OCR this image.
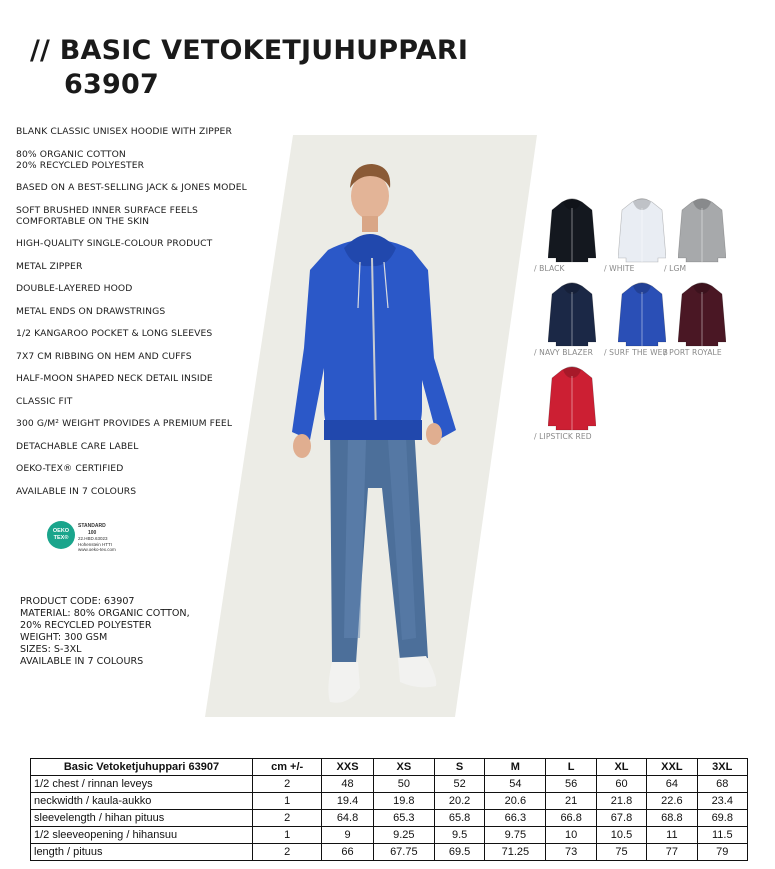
// BASIC VETOKETJUHUPPARI
63907
BLANK CLASSIC UNISEX HOODIE WITH ZIPPER
80% ORGANIC COTTON
20% RECYCLED POLYESTER
BASED ON A BEST-SELLING JACK & JONES MODEL
SOFT BRUSHED INNER SURFACE FEELS
COMFORTABLE ON THE SKIN
HIGH-QUALITY SINGLE-COLOUR PRODUCT
METAL ZIPPER
DOUBLE-LAYERED HOOD
METAL ENDS ON DRAWSTRINGS
1/2 KANGAROO POCKET & LONG SLEEVES
7X7 CM RIBBING ON HEM AND CUFFS
HALF-MOON SHAPED NECK DETAIL INSIDE
CLASSIC FIT
300 G/M² WEIGHT PROVIDES A PREMIUM FEEL
DETACHABLE CARE LABEL
OEKO-TEX® CERTIFIED
AVAILABLE IN 7 COLOURS
OEKO TEX®
STANDARD
100
22.HBD.63023
Hohenstein HTTI
www.oeko-tex.com
PRODUCT CODE: 63907
MATERIAL: 80% ORGANIC COTTON,
20% RECYCLED POLYESTER
WEIGHT: 300 GSM
SIZES: S-3XL
AVAILABLE IN 7 COLOURS
/ BLACK	/ WHITE	/ LGM
/ NAVY BLAZER / SURF THE WEB
/ PORT ROYALE
/ LIPSTICK RED
Basic Vetoketjuhuppari 63907	cm +/-	XXS	XS	S	M	L	XL	XXL	3XL
1/2 chest / rinnan leveys	2	48	50	52	54	56	60	64	68
neckwidth / kaula-aukko	1	19.4	19.8	20.2	20.6	21	21.8	22.6	23.4
sleevelength / hihan pituus	2	64.8	65.3	65.8	66.3	66.8	67.8	68.8	69.8
1/2 sleeveopening / hihansuu	1	9	9.25	9.5	9.75	10	10.5	11	11.5
length / pituus	2	66	67.75	69.5	71.25	73	75	77	79
